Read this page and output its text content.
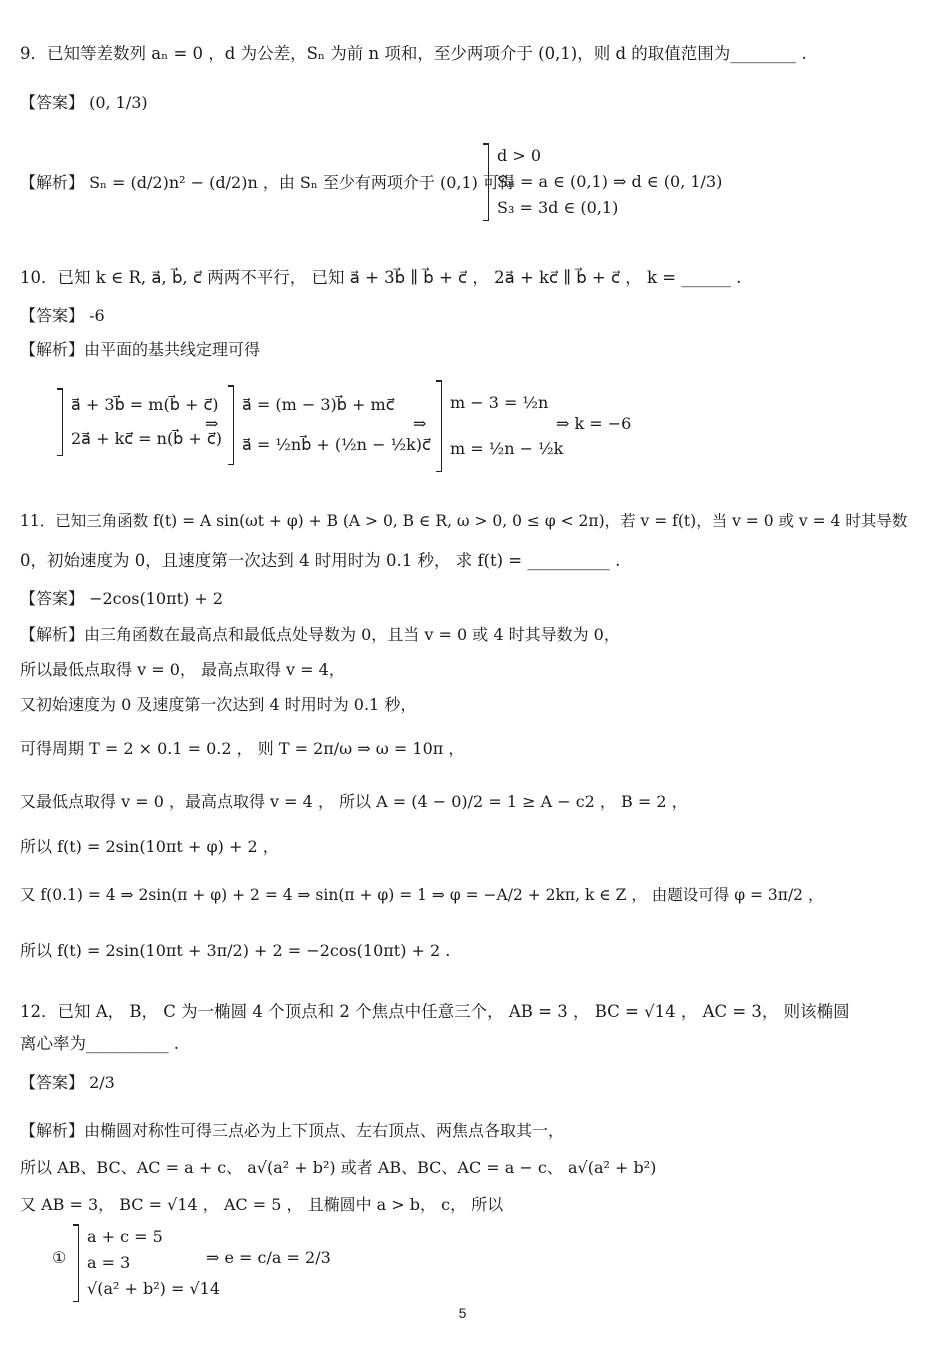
9．已知等差数列 aₙ = 0 ，d 为公差，Sₙ 为前 n 项和，至少两项介于 (0,1)，则 d 的取值范围为________ .
【答案】 (0, 1/3)
【解析】 Sₙ = (d/2)n² − (d/2)n ，由 Sₙ 至少有两项介于 (0,1) 可得
d > 0
Sₙ = a ∈ (0,1) ⇒ d ∈ (0, 1/3)
S₃ = 3d ∈ (0,1)
10．已知 k ∈ R, a⃗, b⃗, c⃗ 两两不平行， 已知 a⃗ + 3b⃗ ∥ b⃗ + c⃗ ， 2a⃗ + kc⃗ ∥ b⃗ + c⃗ ， k = ______ .
【答案】 -6
【解析】由平面的基共线定理可得
a⃗ + 3b⃗ = m(b⃗ + c⃗)
2a⃗ + kc⃗ = n(b⃗ + c⃗)
⇒
a⃗ = (m − 3)b⃗ + mc⃗
a⃗ = ½nb⃗ + (½n − ½k)c⃗
⇒
m − 3 = ½n
m = ½n − ½k
⇒ k = −6
11．已知三角函数 f(t) = A sin(ωt + φ) + B (A > 0, B ∈ R, ω > 0, 0 ≤ φ < 2π)，若 v = f(t)，当 v = 0 或 v = 4 时其导数
0，初始速度为 0，且速度第一次达到 4 时用时为 0.1 秒， 求 f(t) = __________ .
【答案】 −2cos(10πt) + 2
【解析】由三角函数在最高点和最低点处导数为 0，且当 v = 0 或 4 时其导数为 0，
所以最低点取得 v = 0， 最高点取得 v = 4，
又初始速度为 0 及速度第一次达到 4 时用时为 0.1 秒，
可得周期 T = 2 × 0.1 = 0.2 ， 则 T = 2π/ω ⇒ ω = 10π ，
又最低点取得 v = 0 ，最高点取得 v = 4 ， 所以 A = (4 − 0)/2 = 1 ≥ A − c2 ， B = 2 ，
所以 f(t) = 2sin(10πt + φ) + 2 ，
又 f(0.1) = 4 ⇒ 2sin(π + φ) + 2 = 4 ⇒ sin(π + φ) = 1 ⇒ φ = −A/2 + 2kπ, k ∈ Z ， 由题设可得 φ = 3π/2 ，
所以 f(t) = 2sin(10πt + 3π/2) + 2 = −2cos(10πt) + 2 .
12．已知 A， B， C 为一椭圆 4 个顶点和 2 个焦点中任意三个， AB = 3 ， BC = √14 ， AC = 3， 则该椭圆
离心率为__________ .
【答案】 2/3
【解析】由椭圆对称性可得三点必为上下顶点、左右顶点、两焦点各取其一，
所以 AB、BC、AC = a + c、 a√(a² + b²) 或者 AB、BC、AC = a − c、 a√(a² + b²)
又 AB = 3， BC = √14 ， AC = 5 ， 且椭圆中 a > b， c， 所以
①
a + c = 5
a = 3
√(a² + b²) = √14
⇒ e = c/a = 2/3
5
